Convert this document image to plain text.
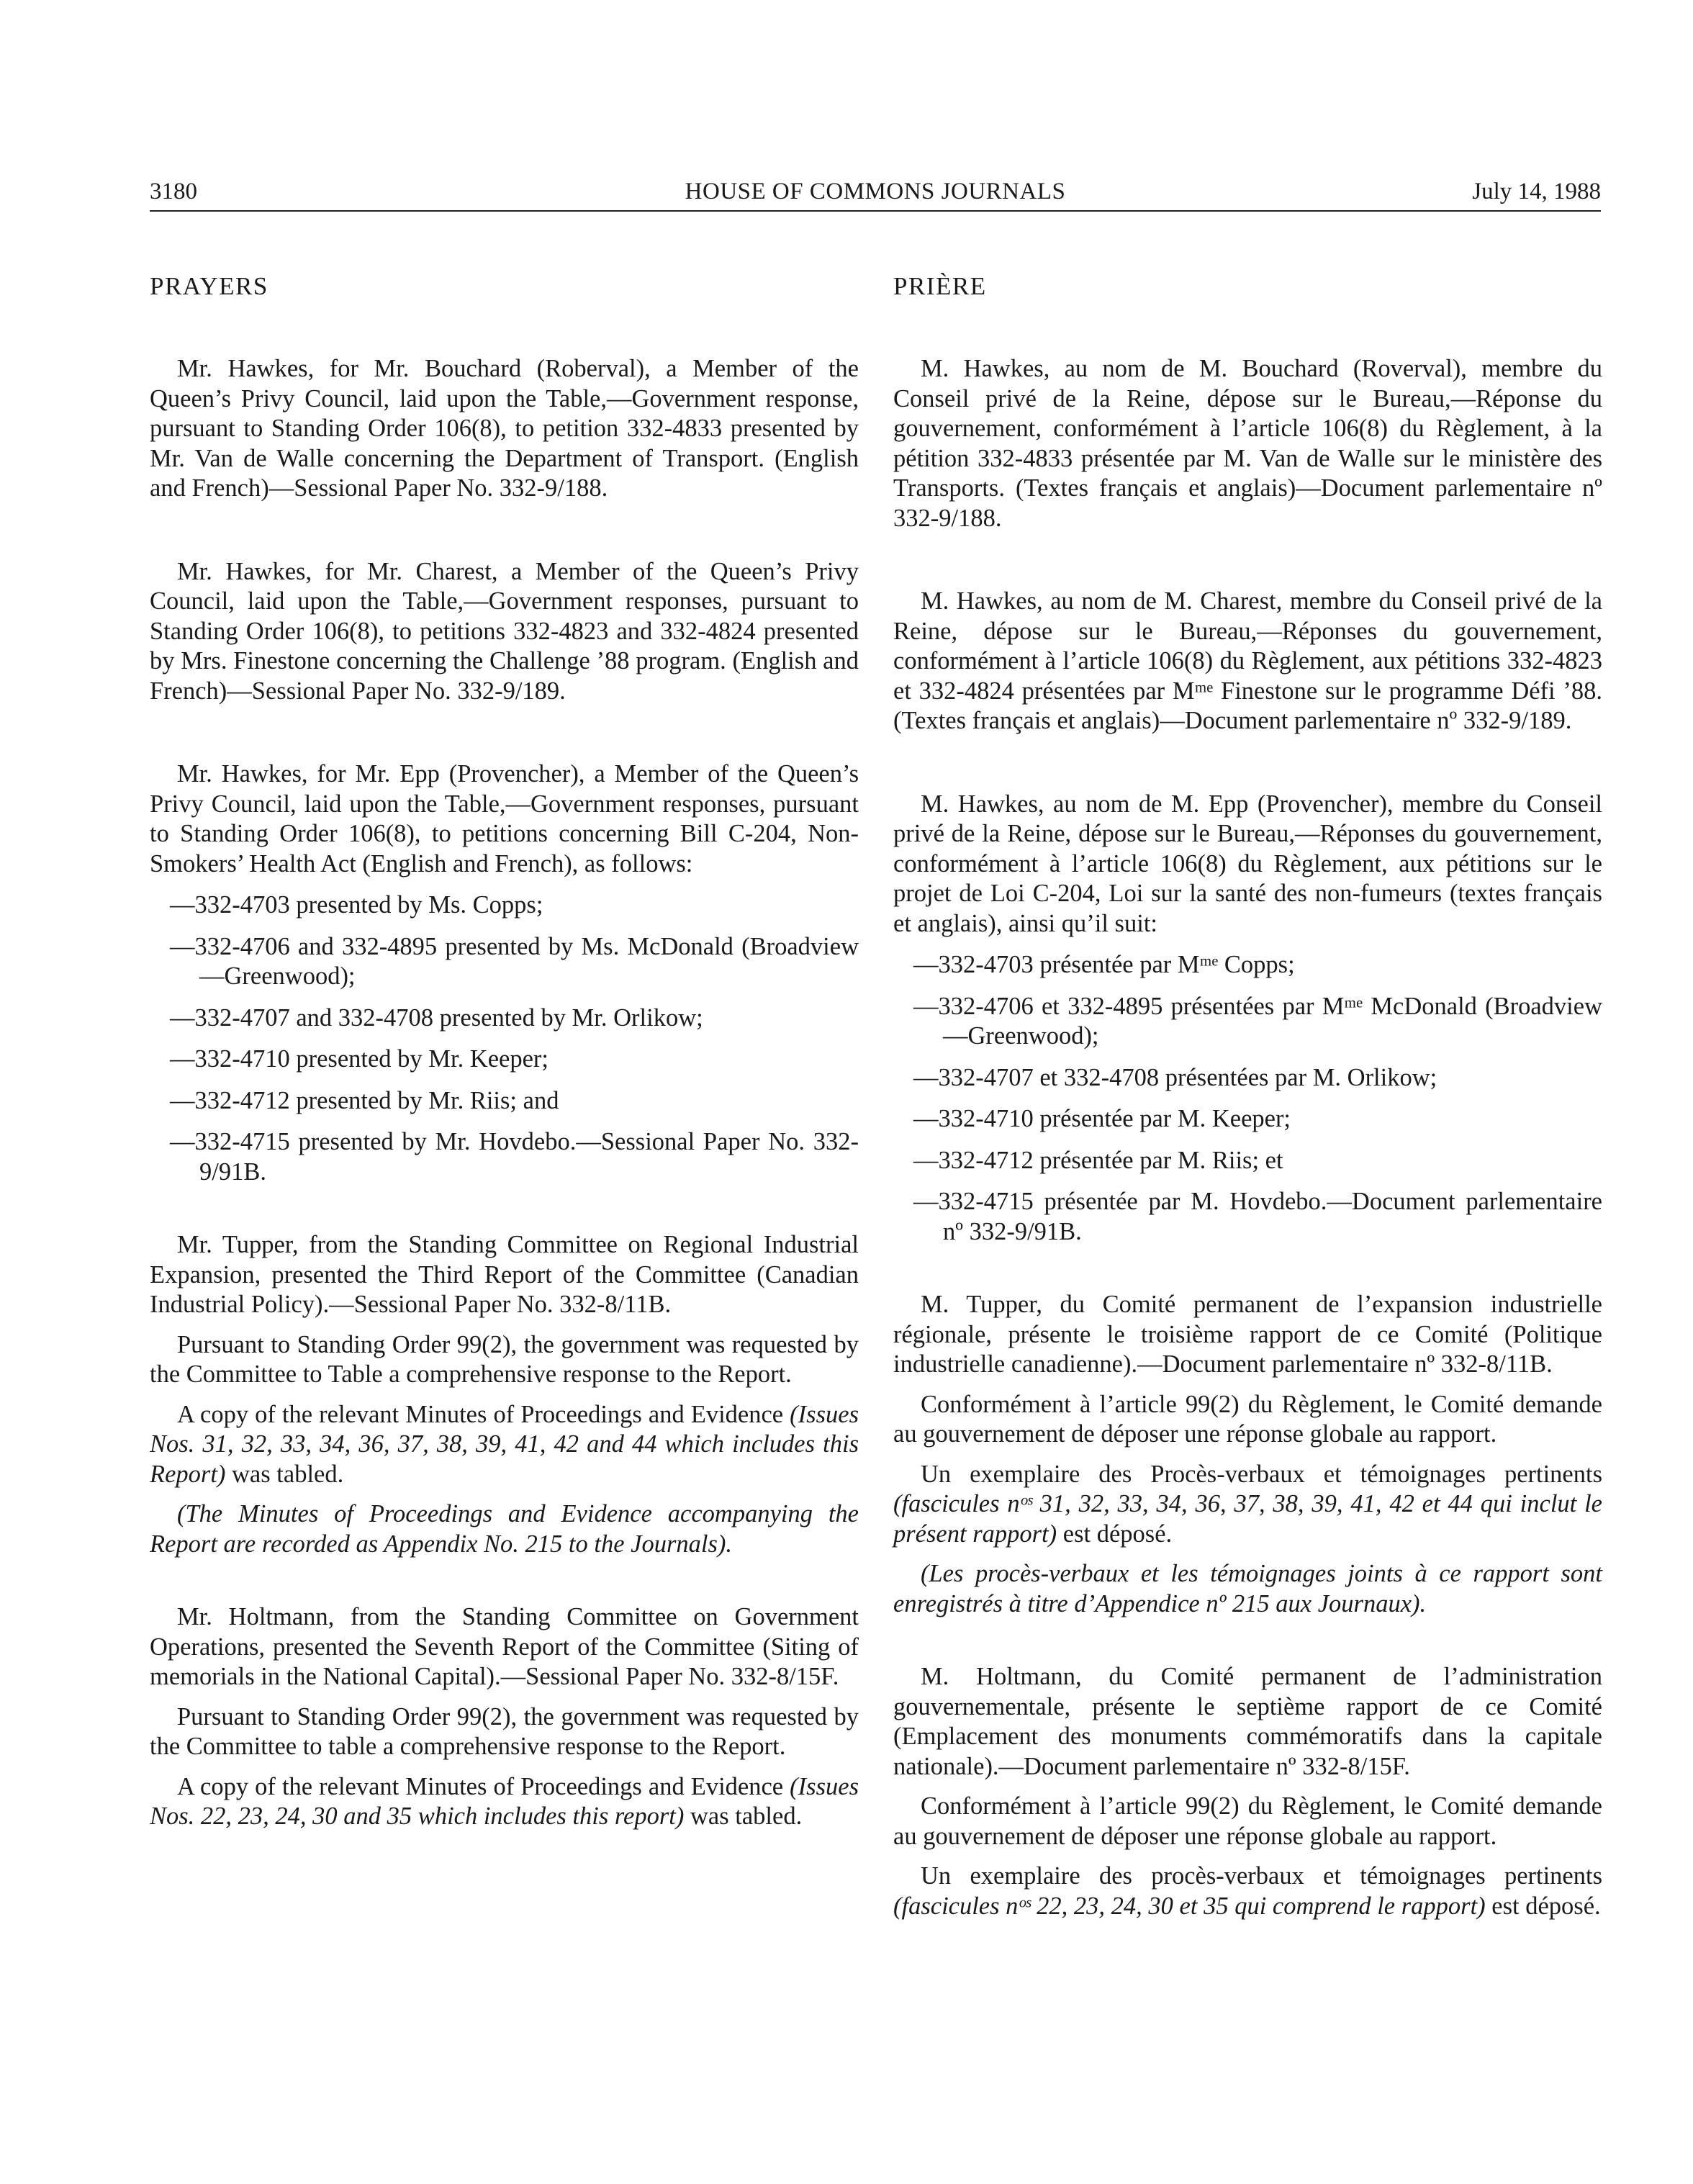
3180	HOUSE OF COMMONS JOURNALS	July 14, 1988
PRAYERS

Mr. Hawkes, for Mr. Bouchard (Roberval), a Member of the Queen’s Privy Council, laid upon the Table,—Government response, pursuant to Standing Order 106(8), to petition 332-4833 presented by Mr. Van de Walle concerning the Department of Transport. (English and French)—Sessional Paper No. 332-9/188.

Mr. Hawkes, for Mr. Charest, a Member of the Queen’s Privy Council, laid upon the Table,—Government responses, pursuant to Standing Order 106(8), to petitions 332-4823 and 332-4824 presented by Mrs. Finestone concerning the Challenge ’88 program. (English and French)—Sessional Paper No. 332-9/189.

Mr. Hawkes, for Mr. Epp (Provencher), a Member of the Queen’s Privy Council, laid upon the Table,—Government responses, pursuant to Standing Order 106(8), to petitions concerning Bill C-204, Non-Smokers’ Health Act (English and French), as follows:

—332-4703 presented by Ms. Copps;
—332-4706 and 332-4895 presented by Ms. McDonald (Broadview—Greenwood);
—332-4707 and 332-4708 presented by Mr. Orlikow;
—332-4710 presented by Mr. Keeper;
—332-4712 presented by Mr. Riis; and
—332-4715 presented by Mr. Hovdebo.—Sessional Paper No. 332-9/91B.

Mr. Tupper, from the Standing Committee on Regional Industrial Expansion, presented the Third Report of the Committee (Canadian Industrial Policy).—Sessional Paper No. 332-8/11B.

Pursuant to Standing Order 99(2), the government was requested by the Committee to Table a comprehensive response to the Report.

A copy of the relevant Minutes of Proceedings and Evidence (Issues Nos. 31, 32, 33, 34, 36, 37, 38, 39, 41, 42 and 44 which includes this Report) was tabled.

(The Minutes of Proceedings and Evidence accompanying the Report are recorded as Appendix No. 215 to the Journals).

Mr. Holtmann, from the Standing Committee on Government Operations, presented the Seventh Report of the Committee (Siting of memorials in the National Capital).—Sessional Paper No. 332-8/15F.

Pursuant to Standing Order 99(2), the government was requested by the Committee to table a comprehensive response to the Report.

A copy of the relevant Minutes of Proceedings and Evidence (Issues Nos. 22, 23, 24, 30 and 35 which includes this report) was tabled.

PRIÈRE

M. Hawkes, au nom de M. Bouchard (Roverval), membre du Conseil privé de la Reine, dépose sur le Bureau,—Réponse du gouvernement, conformément à l’article 106(8) du Règlement, à la pétition 332-4833 présentée par M. Van de Walle sur le ministère des Transports. (Textes français et anglais)—Document parlementaire nº 332-9/188.

M. Hawkes, au nom de M. Charest, membre du Conseil privé de la Reine, dépose sur le Bureau,—Réponses du gouvernement, conformément à l’article 106(8) du Règlement, aux pétitions 332-4823 et 332-4824 présentées par Mᵐᵉ Finestone sur le programme Défi ’88. (Textes français et anglais)—Document parlementaire nº 332-9/189.

M. Hawkes, au nom de M. Epp (Provencher), membre du Conseil privé de la Reine, dépose sur le Bureau,—Réponses du gouvernement, conformément à l’article 106(8) du Règlement, aux pétitions sur le projet de Loi C-204, Loi sur la santé des non-fumeurs (textes français et anglais), ainsi qu’il suit:

—332-4703 présentée par Mᵐᵉ Copps;
—332-4706 et 332-4895 présentées par Mᵐᵉ McDonald (Broadview—Greenwood);
—332-4707 et 332-4708 présentées par M. Orlikow;
—332-4710 présentée par M. Keeper;
—332-4712 présentée par M. Riis; et
—332-4715 présentée par M. Hovdebo.—Document parlementaire nº 332-9/91B.

M. Tupper, du Comité permanent de l’expansion industrielle régionale, présente le troisième rapport de ce Comité (Politique industrielle canadienne).—Document parlementaire nº 332-8/11B.

Conformément à l’article 99(2) du Règlement, le Comité demande au gouvernement de déposer une réponse globale au rapport.

Un exemplaire des Procès-verbaux et témoignages pertinents (fascicules nᵒˢ 31, 32, 33, 34, 36, 37, 38, 39, 41, 42 et 44 qui inclut le présent rapport) est déposé.

(Les procès-verbaux et les témoignages joints à ce rapport sont enregistrés à titre d’Appendice nº 215 aux Journaux).

M. Holtmann, du Comité permanent de l’administration gouvernementale, présente le septième rapport de ce Comité (Emplacement des monuments commémoratifs dans la capitale nationale).—Document parlementaire nº 332-8/15F.

Conformément à l’article 99(2) du Règlement, le Comité demande au gouvernement de déposer une réponse globale au rapport.

Un exemplaire des procès-verbaux et témoignages pertinents (fascicules nᵒˢ 22, 23, 24, 30 et 35 qui comprend le rapport) est déposé.
